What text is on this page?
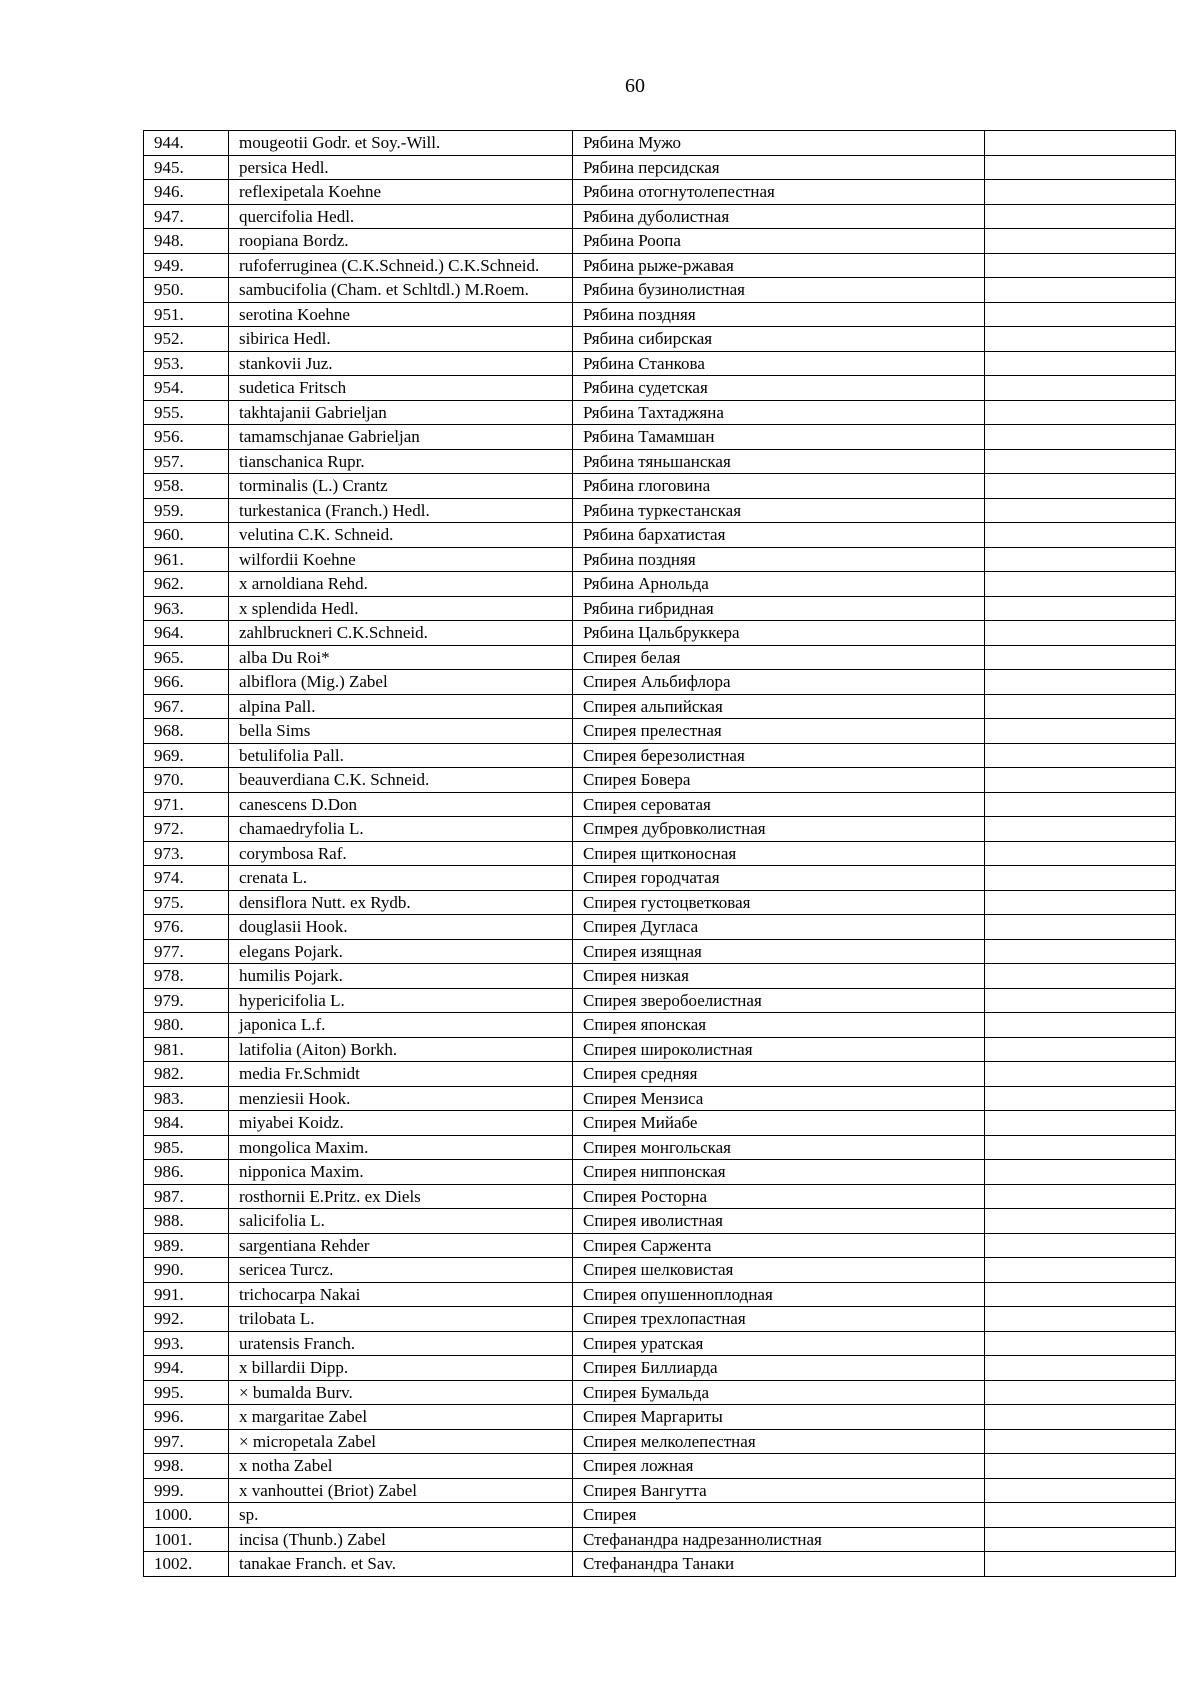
60
944.	mougeotii Godr. et Soy.-Will.	Рябина Мужо	
945.	persica Hedl.	Рябина персидская	
946.	reflexipetala Koehne	Рябина отогнутолепестная	
947.	quercifolia Hedl.	Рябина дуболистная	
948.	roopiana Bordz.	Рябина Роопа	
949.	rufoferruginea (C.K.Schneid.) C.K.Schneid.	Рябина рыже-ржавая	
950.	sambucifolia (Cham. et Schltdl.) M.Roem.	Рябина бузинолистная	
951.	serotina Koehne	Рябина поздняя	
952.	sibirica Hedl.	Рябина сибирская	
953.	stankovii Juz.	Рябина Станкова	
954.	sudetica Fritsch	Рябина судетская	
955.	takhtajanii Gabrieljan	Рябина Тахтаджяна	
956.	tamamschjanae Gabrieljan	Рябина Тамамшан	
957.	tianschanica Rupr.	Рябина тяньшанская	
958.	torminalis (L.) Crantz	Рябина глоговина	
959.	turkestanica (Franch.) Hedl.	Рябина туркестанская	
960.	velutina C.K. Schneid.	Рябина бархатистая	
961.	wilfordii Koehne	Рябина поздняя	
962.	x arnoldiana Rehd.	Рябина Арнольда	
963.	x splendida Hedl.	Рябина гибридная	
964.	zahlbruckneri C.K.Schneid.	Рябина Цальбруккера	
965.	alba Du Roi*	Спирея белая	
966.	albiflora (Mig.) Zabel	Спирея Альбифлора	
967.	alpina Pall.	Спирея альпийская	
968.	bella Sims	Спирея прелестная	
969.	betulifolia Pall.	Спирея березолистная	
970.	beauverdiana C.K. Schneid.	Спирея Бовера	
971.	canescens D.Don	Спирея сероватая	
972.	chamaedryfolia L.	Спмрея дубровколистная	
973.	corymbosa Raf.	Спирея щитконосная	
974.	crenata L.	Спирея городчатая	
975.	densiflora Nutt. ex Rydb.	Спирея густоцветковая	
976.	douglasii Hook.	Спирея Дугласа	
977.	elegans Pojark.	Спирея изящная	
978.	humilis Pojark.	Спирея низкая	
979.	hypericifolia L.	Спирея зверобоелистная	
980.	japonica L.f.	Спирея японская	
981.	latifolia (Aiton) Borkh.	Спирея широколистная	
982.	media Fr.Schmidt	Спирея средняя	
983.	menziesii Hook.	Спирея Мензиса	
984.	miyabei Koidz.	Спирея Мийабе	
985.	mongolica Maxim.	Спирея монгольская	
986.	nipponica Maxim.	Спирея ниппонская	
987.	rosthornii E.Pritz. ex Diels	Спирея Росторна	
988.	salicifolia L.	Спирея иволистная	
989.	sargentiana Rehder	Спирея Саржента	
990.	sericea Turcz.	Спирея шелковистая	
991.	trichocarpa Nakai	Спирея опушенноплодная	
992.	trilobata L.	Спирея трехлопастная	
993.	uratensis Franch.	Спирея уратская	
994.	x billardii Dipp.	Спирея Биллиарда	
995.	× bumalda Burv.	Спирея Бумальда	
996.	x margaritae Zabel	Спирея Маргариты	
997.	× micropetala Zabel	Спирея мелколепестная	
998.	x notha Zabel	Спирея ложная	
999.	x vanhouttei (Briot) Zabel	Спирея Вангутта	
1000.	sp.	Спирея	
1001.	incisa (Thunb.) Zabel	Стефанандра надрезаннолистная	
1002.	tanakae Franch. et Sav.	Стефанандра Танаки	
